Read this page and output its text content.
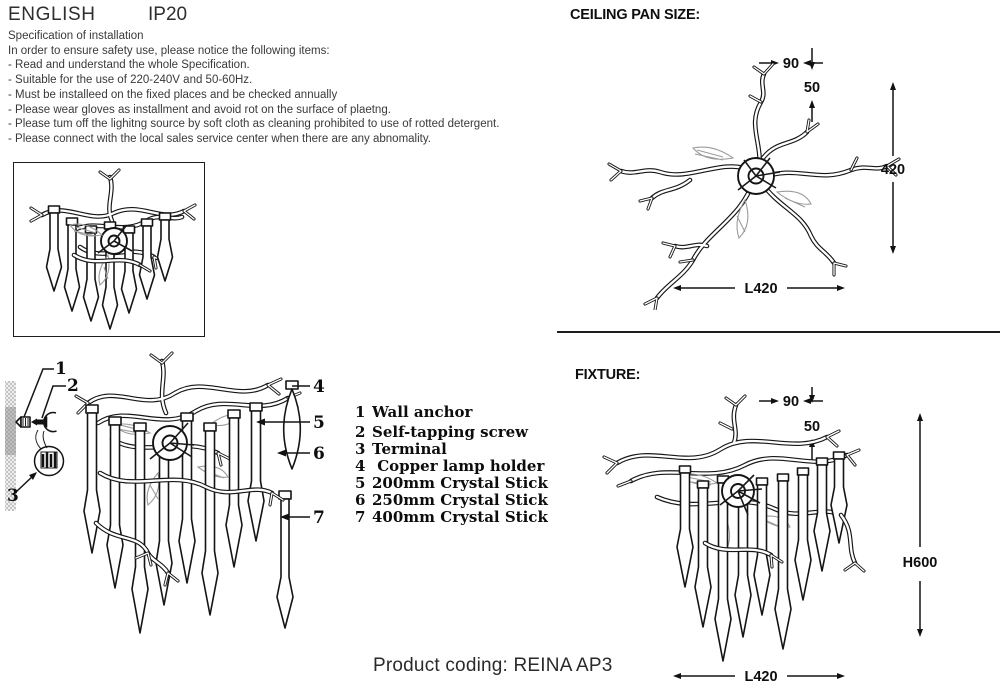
ENGLISH	IP20
Specification of installation
In order to ensure safety use, please notice the following items:
- Read and understand the whole Specification.
- Suitable for the use of 220-240V and 50-60Hz.
- Must be installeed on the fixed places and be checked annually
- Please wear gloves as installment and avoid rot on the surface of plaetng.
- Please tum off the lighitng source by soft cloth as cleaning prohibited to use of rotted detergent.
- Please connect with the local sales service center when there are any abnomality.
1
2
3
4
5
6
7
1 Wall anchor
2 Self-tapping screw
3 Terminal
4 Copper lamp holder
5 200mm Crystal Stick
6 250mm Crystal Stick
7 400mm Crystal Stick
CEILING PAN SIZE:
FIXTURE:
90
50
420
L420
90
50
H600
L420
Product coding: REINA AP3
